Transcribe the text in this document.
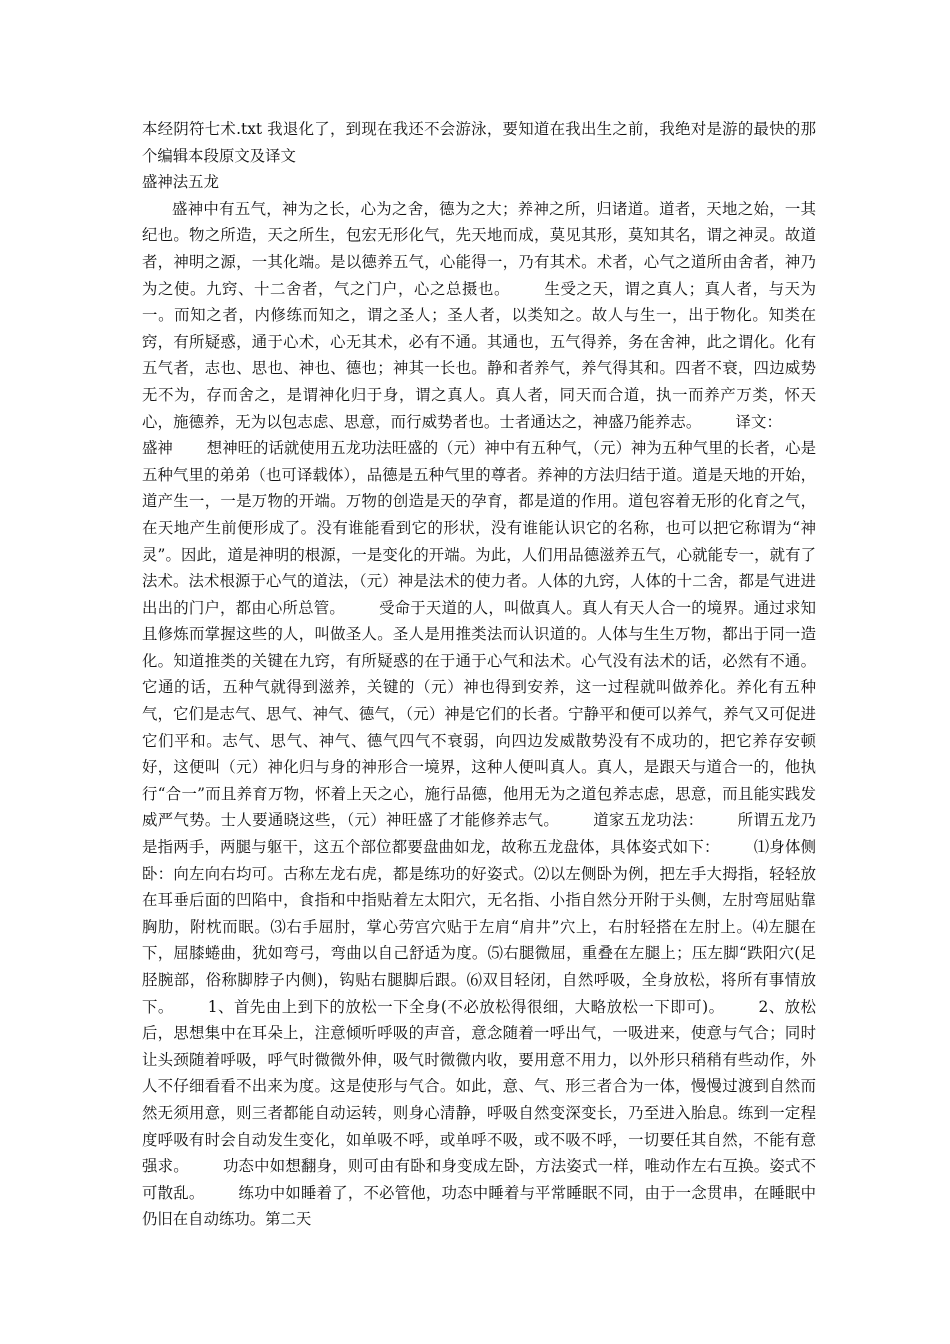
本经阴符七术.txt 我退化了，到现在我还不会游泳，要知道在我出生之前，我绝对是游的最快的那个编辑本段原文及译文

盛神法五龙

盛神中有五气，神为之长，心为之舍，德为之大；养神之所，归诸道。道者，天地之始，一其纪也。物之所造，天之所生，包宏无形化气，先天地而成，莫见其形，莫知其名，谓之神灵。故道者，神明之源，一其化端。是以德养五气，心能得一，乃有其术。术者，心气之道所由舍者，神乃为之使。九窍、十二舍者，气之门户，心之总摄也。 生受之天，谓之真人；真人者，与天为一。而知之者，内修练而知之，谓之圣人；圣人者，以类知之。故人与生一，出于物化。知类在窍，有所疑惑，通于心术，心无其术，必有不通。其通也，五气得养，务在舍神，此之谓化。化有五气者，志也、思也、神也、德也；神其一长也。静和者养气，养气得其和。四者不衰，四边威势无不为，存而舍之，是谓神化归于身，谓之真人。真人者，同天而合道，执一而养产万类，怀天心，施德养，无为以包志虑、思意，而行威势者也。士者通达之，神盛乃能养志。 译文：盛神 想神旺的话就使用五龙功法旺盛的（元）神中有五种气，（元）神为五种气里的长者，心是五种气里的弟弟（也可译载体），品德是五种气里的尊者。养神的方法归结于道。道是天地的开始，道产生一，一是万物的开端。万物的创造是天的孕育，都是道的作用。道包容着无形的化育之气，在天地产生前便形成了。没有谁能看到它的形状，没有谁能认识它的名称，也可以把它称谓为“神灵”。因此，道是神明的根源，一是变化的开端。为此，人们用品德滋养五气，心就能专一，就有了法术。法术根源于心气的道法，（元）神是法术的使力者。人体的九窍，人体的十二舍，都是气进进出出的门户，都由心所总管。 受命于天道的人，叫做真人。真人有天人合一的境界。通过求知且修炼而掌握这些的人，叫做圣人。圣人是用推类法而认识道的。人体与生生万物，都出于同一造化。知道推类的关键在九窍，有所疑惑的在于通于心气和法术。心气没有法术的话，必然有不通。它通的话，五种气就得到滋养，关键的（元）神也得到安养，这一过程就叫做养化。养化有五种气，它们是志气、思气、神气、德气，（元）神是它们的长者。宁静平和便可以养气，养气又可促进它们平和。志气、思气、神气、德气四气不衰弱，向四边发威散势没有不成功的，把它养存安顿好，这便叫（元）神化归与身的神形合一境界，这种人便叫真人。真人，是跟天与道合一的，他执行“合一”而且养育万物，怀着上天之心，施行品德，他用无为之道包养志虑，思意，而且能实践发威严气势。士人要通晓这些，（元）神旺盛了才能修养志气。 道家五龙功法： 所谓五龙乃是指两手，两腿与躯干，这五个部位都要盘曲如龙，故称五龙盘体，具体姿式如下： ⑴身体侧卧：向左向右均可。古称左龙右虎，都是练功的好姿式。⑵以左侧卧为例，把左手大拇指，轻轻放在耳垂后面的凹陷中，食指和中指贴着左太阳穴，无名指、小指自然分开附于头侧，左肘弯屈贴靠胸肋，附枕而眠。⑶右手屈肘，掌心劳宫穴贴于左肩“肩井”穴上，右肘轻搭在左肘上。⑷左腿在下，屈膝蜷曲，犹如弯弓，弯曲以自己舒适为度。⑸右腿微屈，重叠在左腿上；压左脚“跌阳穴(足胫腕部，俗称脚脖子内侧)，钩贴右腿脚后跟。⑹双目轻闭，自然呼吸，全身放松，将所有事情放下。 1、首先由上到下的放松一下全身(不必放松得很细，大略放松一下即可)。 2、放松后，思想集中在耳朵上，注意倾听呼吸的声音，意念随着一呼出气，一吸进来，使意与气合；同时让头颈随着呼吸，呼气时微微外伸，吸气时微微内收，要用意不用力，以外形只稍稍有些动作，外人不仔细看看不出来为度。这是使形与气合。如此，意、气、形三者合为一体，慢慢过渡到自然而然无须用意，则三者都能自动运转，则身心清静，呼吸自然变深变长，乃至进入胎息。练到一定程度呼吸有时会自动发生变化，如单吸不呼，或单呼不吸，或不吸不呼，一切要任其自然，不能有意强求。 功态中如想翻身，则可由有卧和身变成左卧，方法姿式一样，唯动作左右互换。姿式不可散乱。 练功中如睡着了，不必管他，功态中睡着与平常睡眠不同，由于一念贯串，在睡眠中仍旧在自动练功。第二天
